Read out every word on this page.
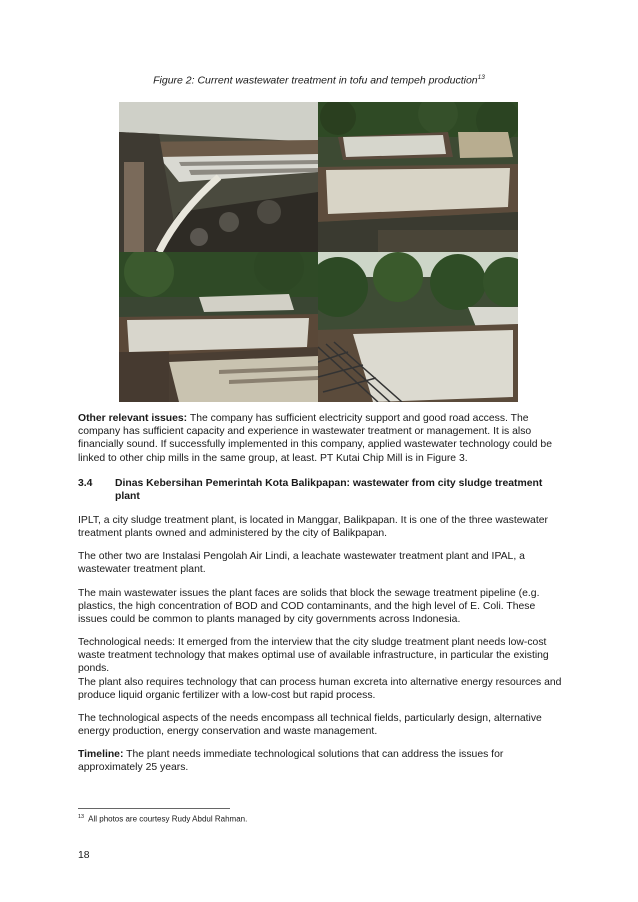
Figure 2: Current wastewater treatment in tofu and tempeh production$^{13}$
Other relevant issues: The company has sufficient electricity support and good road access. The company has sufficient capacity and experience in wastewater treatment or management. It is also financially sound. If successfully implemented in this company, applied wastewater technology could be linked to other chip mills in the same group, at least. PT Kutai Chip Mill is in Figure 3.
3.4 Dinas Kebersihan Pemerintah Kota Balikpapan: wastewater from city sludge treatment plant
IPLT, a city sludge treatment plant, is located in Manggar, Balikpapan. It is one of the three wastewater treatment plants owned and administered by the city of Balikpapan.
The other two are Instalasi Pengolah Air Lindi, a leachate wastewater treatment plant and IPAL, a wastewater treatment plant.
The main wastewater issues the plant faces are solids that block the sewage treatment pipeline (e.g. plastics, the high concentration of BOD and COD contaminants, and the high level of E. Coli. These issues could be common to plants managed by city governments across Indonesia.
Technological needs: It emerged from the interview that the city sludge treatment plant needs low-cost waste treatment technology that makes optimal use of available infrastructure, in particular the existing ponds.
The plant also requires technology that can process human excreta into alternative energy resources and produce liquid organic fertilizer with a low-cost but rapid process.
The technological aspects of the needs encompass all technical fields, particularly design, alternative energy production, energy conservation and waste management.
Timeline: The plant needs immediate technological solutions that can address the issues for approximately 25 years.
$^{13}$ All photos are courtesy Rudy Abdul Rahman.
18
